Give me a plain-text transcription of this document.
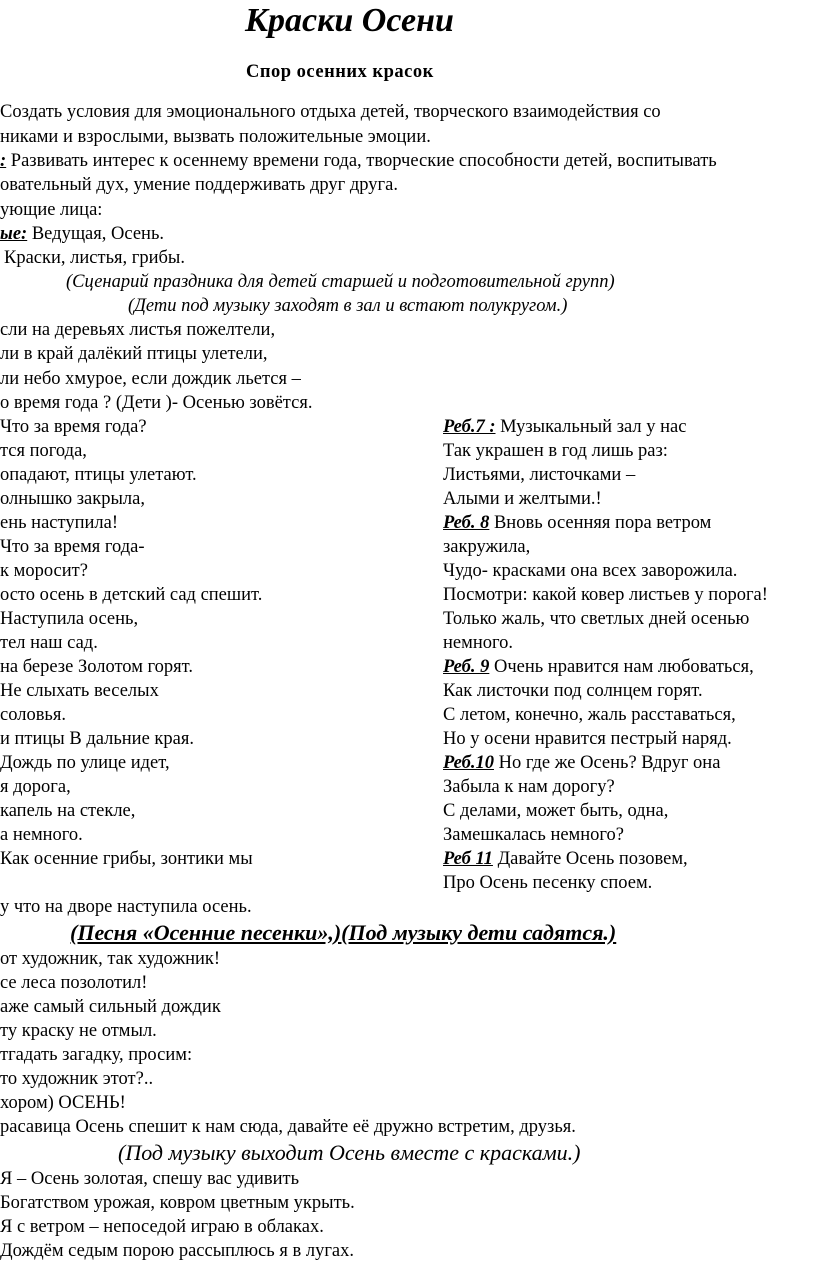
Краски Осени
Спор осенних красок
Создать условия для эмоционального отдыха детей, творческого взаимодействия со
никами и взрослыми, вызвать положительные эмоции.
: Развивать интерес к осеннему времени года, творческие способности детей, воспитывать
овательный дух, умение поддерживать друг друга.
ующие лица:
ые: Ведущая, Осень.
Краски, листья, грибы.
(Сценарий праздника для детей старшей и подготовительной групп)
(Дети под музыку заходят в зал и встают полукругом.)
сли на деревьях листья пожелтели,
ли в край далёкий птицы улетели,
ли небо хмурое, если дождик льется –
о время года ? (Дети )- Осенью зовётся.
Что за время года?
тся погода,
опадают, птицы улетают.
олнышко закрыла,
ень наступила!
Что за время года-
к моросит?
осто осень в детский сад спешит.
Наступила осень,
тел наш сад.
на березе Золотом горят.
Не слыхать веселых
соловья.
и птицы В дальние края.
Дождь по улице идет,
я дорога,
капель на стекле,
а немного.
Как осенние грибы, зонтики мы
у что на дворе наступила осень.
Реб.7 : Музыкальный зал у нас
Так украшен в год лишь раз:
Листьями, листочками –
Алыми и желтыми.!
Реб. 8 Вновь осенняя пора ветром
закружила,
Чудо- красками она всех заворожила.
Посмотри: какой ковер листьев у порога!
Только жаль, что светлых дней осенью
немного.
Реб. 9 Очень нравится нам любоваться,
Как листочки под солнцем горят.
С летом, конечно, жаль расставаться,
Но у осени нравится пестрый наряд.
Реб.10 Но где же Осень? Вдруг она
Забыла к нам дорогу?
С делами, может быть, одна,
Замешкалась немного?
Реб 11 Давайте Осень позовем,
Про Осень песенку споем.
(Песня «Осенние песенки»,)(Под музыку дети садятся.)
от художник, так художник!
се леса позолотил!
аже самый сильный дождик
ту краску не отмыл.
тгадать загадку, просим:
то художник этот?..
хором) ОСЕНЬ!
расавица Осень спешит к нам сюда, давайте её дружно встретим, друзья.
(Под музыку выходит Осень вместе с красками.)
Я – Осень золотая, спешу вас удивить
Богатством урожая, ковром цветным укрыть.
Я с ветром – непоседой играю в облаках.
Дождём седым порою рассыплюсь я в лугах.
